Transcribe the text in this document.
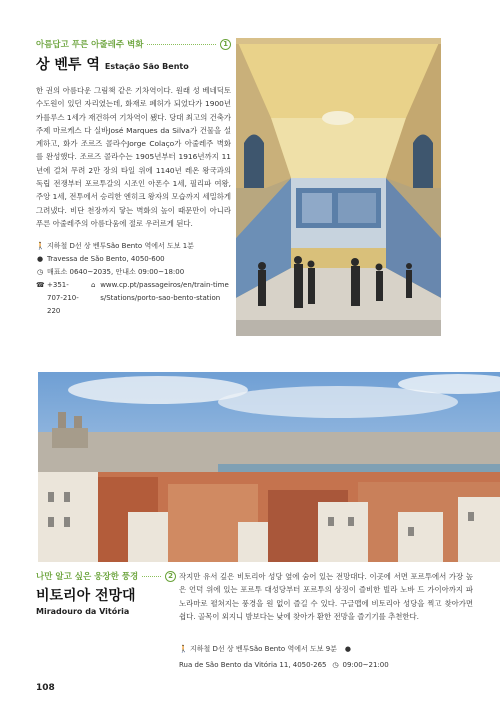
아름답고 푸른 아줄레주 벽화	1
상 벤투 역 Estação São Bento

한 권의 아름다운 그림책 같은 기차역이다. 원래 성 베네딕토 수도원이 있던 자리였는데, 화재로 폐허가 되었다가 1900년 카를루스 1세가 재건하여 기차역이 됐다. 당대 최고의 건축가 주제 마르케스 다 실바José Marques da Silva가 건물을 설계하고, 화가 조르즈 콜라수Jorge Colaço가 아줄레주 벽화를 완성했다. 조르즈 콜라수는 1905년부터 1916년까지 11년에 걸쳐 무려 2만 장의 타일 위에 1140년 레온 왕국과의 독립 전쟁부터 포르투갈의 시조인 아폰수 1세, 필리파 여왕, 주앙 1세, 전투에서 승리한 엔히크 왕자의 모습까지 세밀하게 그려냈다. 비단 천장까지 닿는 벽화의 높이 때문만이 아니라 푸른 아줄레주의 아름다움에 절로 우러르게 된다.

🚶 지하철 D선 상 벤투São Bento 역에서 도보 1분
● Travessa de São Bento, 4050-600
◷ 매표소 0640~2035, 안내소 09:00~18:00
☎ +351-707-210-220
⌂ www.cp.pt/passageiros/en/train-times/Stations/porto-sao-bento-station
나만 알고 싶은 웅장한 풍경	2
비토리아 전망대
Miradouro da Vitória

작지만 유서 깊은 비토리아 성당 옆에 숨어 있는 전망대다. 이곳에 서면 포르투에서 가장 높은 언덕 위에 있는 포르투 대성당부터 포르투의 상징이 즐비한 빌라 노바 드 가이아까지 파노라마로 펼쳐지는 풍경을 원 없이 즐길 수 있다. 구글맵에 비토리아 성당을 찍고 찾아가면 쉽다. 골목이 외지니 밤보다는 낮에 찾아가 환한 전망을 즐기기를 추천한다.

🚶 지하철 D선 상 벤투São Bento 역에서 도보 9분 ●
Rua de São Bento da Vitória 11, 4050-265 ◷ 09:00~21:00
108
